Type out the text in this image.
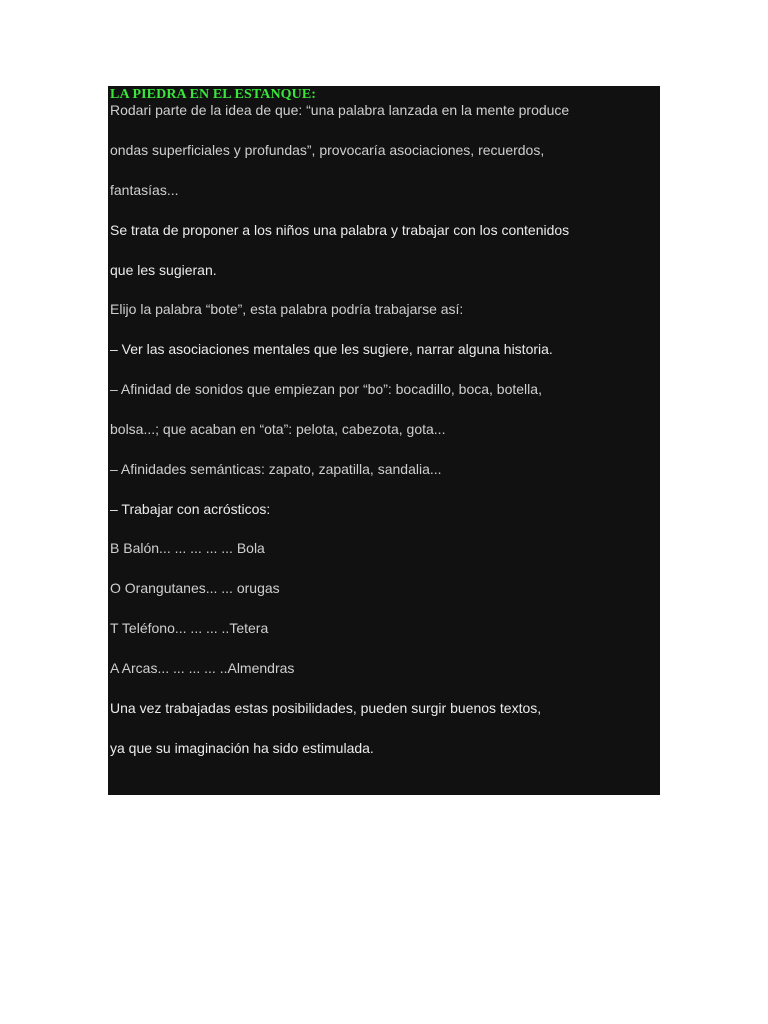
LA PIEDRA EN EL ESTANQUE:
Rodari parte de la idea de que: “una palabra lanzada en la mente produce
ondas superficiales y profundas”, provocaría asociaciones, recuerdos,
fantasías...
Se trata de proponer a los niños una palabra y trabajar con los contenidos
que les sugieran.
Elijo la palabra “bote”, esta palabra podría trabajarse así:
– Ver las asociaciones mentales que les sugiere, narrar alguna historia.
– Afinidad de sonidos que empiezan por “bo”: bocadillo, boca, botella,
bolsa...; que acaban en “ota”: pelota, cabezota, gota...
– Afinidades semánticas: zapato, zapatilla, sandalia...
– Trabajar con acrósticos:
B Balón... ... ... ... ... Bola
O Orangutanes... ... orugas
T Teléfono... ... ... ..Tetera
A Arcas... ... ... ... ..Almendras
Una vez trabajadas estas posibilidades, pueden surgir buenos textos,
ya que su imaginación ha sido estimulada.
